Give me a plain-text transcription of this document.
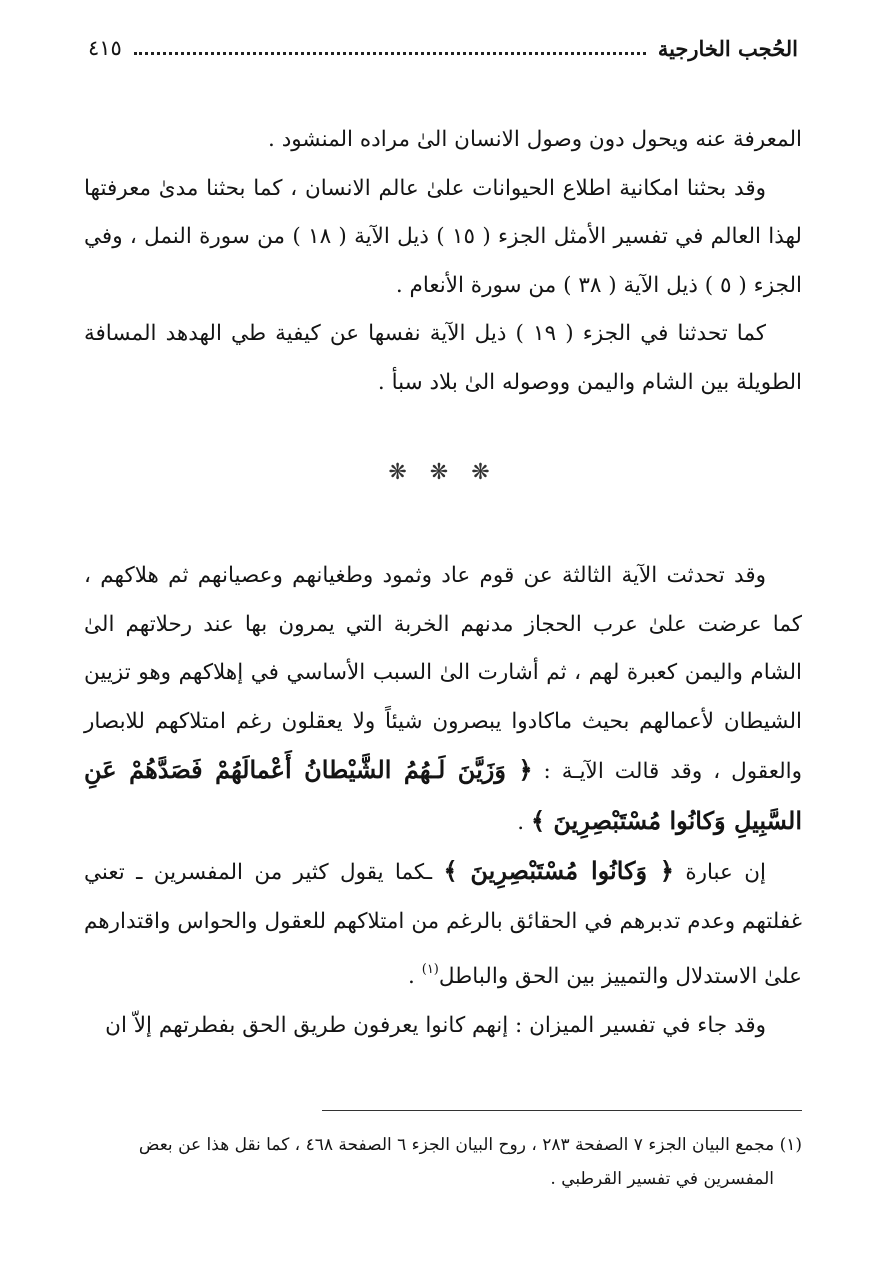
الحُجب الخارجية
٤١٥

المعرفة عنه ويحول دون وصول الانسان الىٰ مراده المنشود .

وقد بحثنا امكانية اطلاع الحيوانات علىٰ عالم الانسان ، كما بحثنا مدىٰ معرفتها لهذا العالم في تفسير الأمثل الجزء ( ١٥ ) ذيل الآية ( ١٨ ) من سورة النمل ، وفي الجزء ( ٥ ) ذيل الآية ( ٣٨ ) من سورة الأنعام .

كما تحدثنا في الجزء ( ١٩ ) ذيل الآية نفسها عن كيفية طي الهدهد المسافة الطويلة بين الشام واليمن ووصوله الىٰ بلاد سبأ .

❋ ❋ ❋

وقد تحدثت الآية الثالثة عن قوم عاد وثمود وطغيانهم وعصيانهم ثم هلاكهم ، كما عرضت علىٰ عرب الحجاز مدنهم الخربة التي يمرون بها عند رحلاتهم الىٰ الشام واليمن كعبرة لهم ، ثم أشارت الىٰ السبب الأساسي في إهلاكهم وهو تزيين الشيطان لأعمالهم بحيث ماكادوا يبصرون شيئاً ولا يعقلون رغم امتلاكهم للابصار والعقول ، وقد قالت الآيـة : ﴿ وَزَيَّنَ لَـهُمُ الشَّيْطانُ أَعْمالَهُمْ فَصَدَّهُمْ عَنِ السَّبِيلِ وَكانُوا مُسْتَبْصِرِينَ ﴾ .

إن عبارة ﴿ وَكانُوا مُسْتَبْصِرِينَ ﴾ ـكما يقول كثير من المفسرين ـ تعني غفلتهم وعدم تدبرهم في الحقائق بالرغم من امتلاكهم للعقول والحواس واقتدارهم علىٰ الاستدلال والتمييز بين الحق والباطل$^{(١)}$ .

وقد جاء في تفسير الميزان : إنهم كانوا يعرفون طريق الحق بفطرتهم إلاّ ان

(١) مجمع البيان الجزء ٧ الصفحة ٢٨٣ ، روح البيان الجزء ٦ الصفحة ٤٦٨ ، كما نقل هذا عن بعض

المفسرين في تفسير القرطبي .
